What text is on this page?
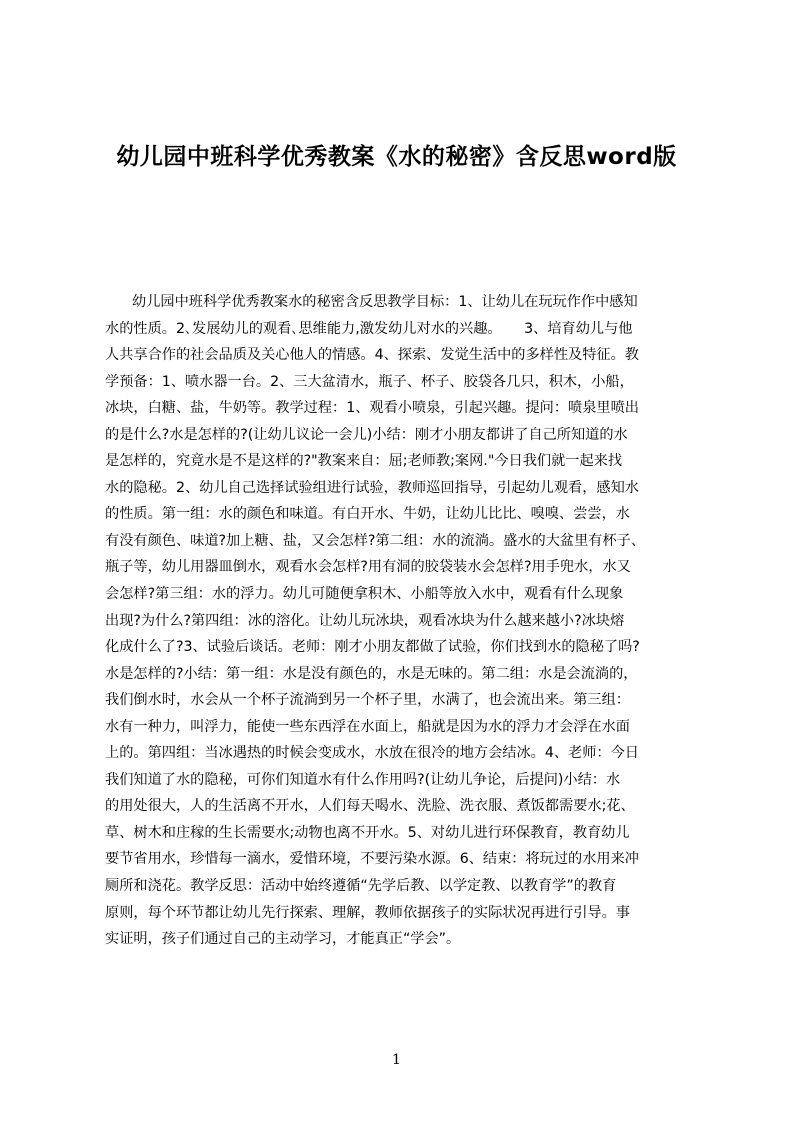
幼儿园中班科学优秀教案《水的秘密》含反思word版
幼儿园中班科学优秀教案水的秘密含反思教学目标：1、让幼儿在玩玩作作中感知
水的性质。2､发展幼儿的观看､思维能力,激发幼儿对水的兴趣。     3、培育幼儿与他
人共享合作的社会品质及关心他人的情感。4、探索、发觉生活中的多样性及特征。教
学预备：1、喷水器一台。2、三大盆清水，瓶子、杯子、胶袋各几只，积木，小船，
冰块，白糖、盐，牛奶等。教学过程：1、观看小喷泉，引起兴趣。提问：喷泉里喷出
的是什么?水是怎样的?(让幼儿议论一会儿)小结：刚才小朋友都讲了自己所知道的水
是怎样的，究竟水是不是这样的?"教案来自：屈;老师教;案网."今日我们就一起来找
水的隐秘。2、幼儿自己选择试验组进行试验，教师巡回指导，引起幼儿观看，感知水
的性质。第一组：水的颜色和味道。有白开水、牛奶，让幼儿比比、嗅嗅、尝尝，水
有没有颜色、味道?加上糖、盐，又会怎样?第二组：水的流淌。盛水的大盆里有杯子、
瓶子等，幼儿用器皿倒水，观看水会怎样?用有洞的胶袋装水会怎样?用手兜水，水又
会怎样?第三组：水的浮力。幼儿可随便拿积木、小船等放入水中，观看有什么现象
出现?为什么?第四组：冰的溶化。让幼儿玩冰块，观看冰块为什么越来越小?冰块熔
化成什么了?3、试验后谈话。老师：刚才小朋友都做了试验，你们找到水的隐秘了吗?
水是怎样的?小结：第一组：水是没有颜色的，水是无味的。第二组：水是会流淌的，
我们倒水时，水会从一个杯子流淌到另一个杯子里，水满了，也会流出来。第三组：
水有一种力，叫浮力，能使一些东西浮在水面上，船就是因为水的浮力才会浮在水面
上的。第四组：当冰遇热的时候会变成水，水放在很冷的地方会结冰。4、老师：今日
我们知道了水的隐秘，可你们知道水有什么作用吗?(让幼儿争论，后提问)小结：水
的用处很大，人的生活离不开水，人们每天喝水、洗脸、洗衣服、煮饭都需要水;花、
草、树木和庄稼的生长需要水;动物也离不开水。5、对幼儿进行环保教育，教育幼儿
要节省用水，珍惜每一滴水，爱惜环境，不要污染水源。6、结束：将玩过的水用来冲
厕所和浇花。教学反思：活动中始终遵循“先学后教、以学定教、以教育学”的教育
原则，每个环节都让幼儿先行探索、理解，教师依据孩子的实际状况再进行引导。事
实证明，孩子们通过自己的主动学习，才能真正“学会”。
1
